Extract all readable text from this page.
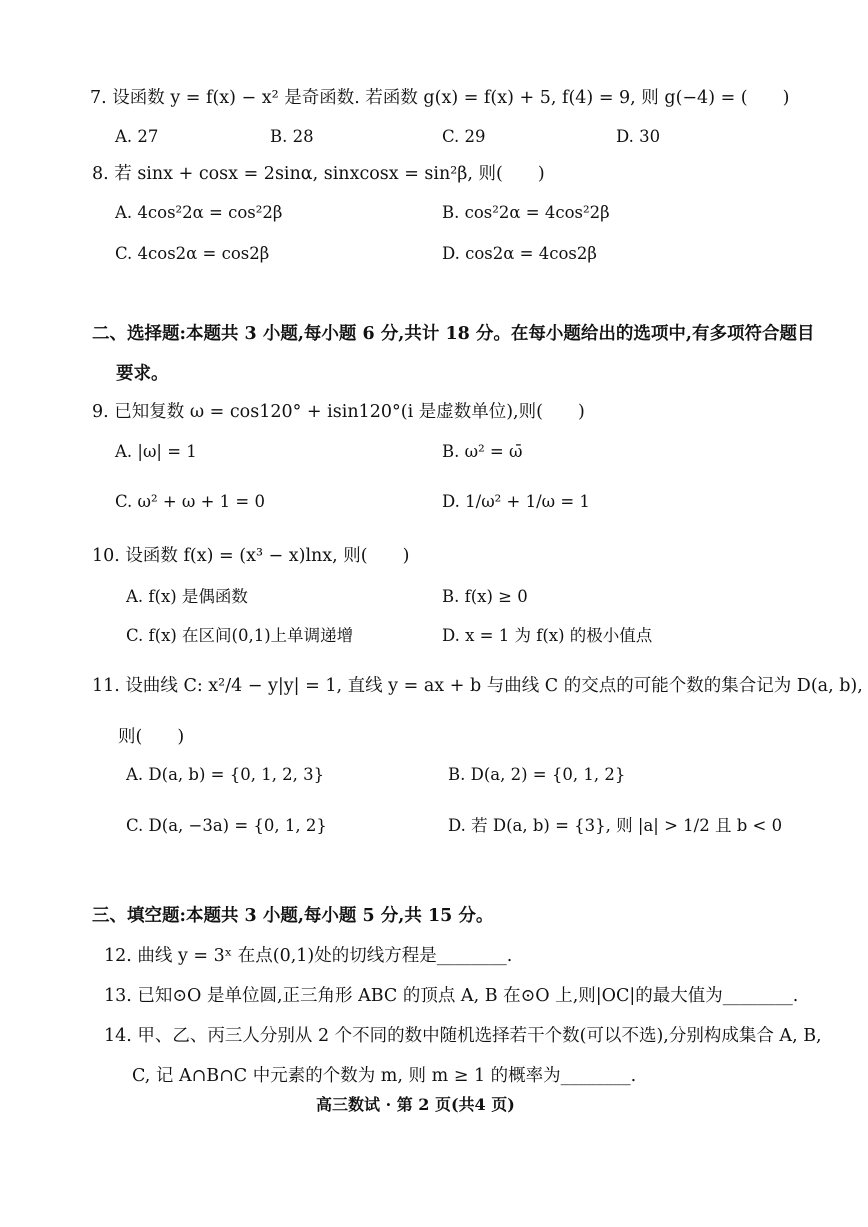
7. 设函数 y = f(x) − x² 是奇函数. 若函数 g(x) = f(x) + 5, f(4) = 9, 则 g(−4) = (　　)
A. 27	B. 28	C. 29	D. 30
8. 若 sinx + cosx = 2sinα, sinxcosx = sin²β, 则(　　)
A. 4cos²2α = cos²2β	B. cos²2α = 4cos²2β
C. 4cos2α = cos2β	D. cos2α = 4cos2β
二、选择题:本题共 3 小题,每小题 6 分,共计 18 分。在每小题给出的选项中,有多项符合题目
要求。
9. 已知复数 ω = cos120° + isin120°(i 是虚数单位),则(　　)
A. |ω| = 1	B. ω² = ω̄
C. ω² + ω + 1 = 0	D. 1/ω² + 1/ω = 1
10. 设函数 f(x) = (x³ − x)lnx, 则(　　)
A. f(x) 是偶函数	B. f(x) ≥ 0
C. f(x) 在区间(0,1)上单调递增	D. x = 1 为 f(x) 的极小值点
11. 设曲线 C: x²/4 − y|y| = 1, 直线 y = ax + b 与曲线 C 的交点的可能个数的集合记为 D(a, b),
则(　　)
A. D(a, b) = {0, 1, 2, 3}	B. D(a, 2) = {0, 1, 2}
C. D(a, −3a) = {0, 1, 2}	D. 若 D(a, b) = {3}, 则 |a| > 1/2 且 b < 0
三、填空题:本题共 3 小题,每小题 5 分,共 15 分。
12. 曲线 y = 3ˣ 在点(0,1)处的切线方程是________.
13. 已知⊙O 是单位圆,正三角形 ABC 的顶点 A, B 在⊙O 上,则|OC|的最大值为________.
14. 甲、乙、丙三人分别从 2 个不同的数中随机选择若干个数(可以不选),分别构成集合 A, B,
C, 记 A∩B∩C 中元素的个数为 m, 则 m ≥ 1 的概率为________.
高三数试 · 第 2 页(共4 页)
